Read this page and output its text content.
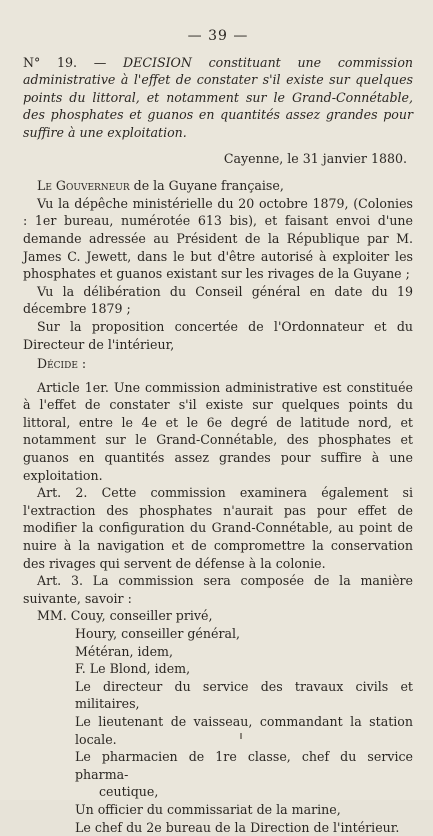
— 39 —
N° 19. — DECISION constituant une commission administrative à l'effet de constater s'il existe sur quelques points du littoral, et notamment sur le Grand-Connétable, des phosphates et guanos en quantités assez grandes pour suffire à une exploitation.
Cayenne, le 31 janvier 1880.

Le Gouverneur de la Guyane française,

Vu la dépêche ministérielle du 20 octobre 1879, (Colonies : 1er bureau, numérotée 613 bis), et faisant envoi d'une demande adressée au Président de la République par M. James C. Jewett, dans le but d'être autorisé à exploiter les phosphates et guanos existant sur les rivages de la Guyane ;

Vu la délibération du Conseil général en date du 19 décembre 1879 ;

Sur la proposition concertée de l'Ordonnateur et du Directeur de l'intérieur,

Décide :

Article 1er. Une commission administrative est constituée à l'effet de constater s'il existe sur quelques points du littoral, entre le 4e et le 6e degré de latitude nord, et notamment sur le Grand-Connétable, des phosphates et guanos en quantités assez grandes pour suffire à une exploitation.

Art. 2. Cette commission examinera également si l'extraction des phosphates n'aurait pas pour effet de modifier la configuration du Grand-Connétable, au point de nuire à la navigation et de compromettre la conservation des rivages qui servent de défense à la colonie.

Art. 3. La commission sera composée de la manière suivante, savoir :

MM. Couy, conseiller privé,

Houry, conseiller général,

Météran, idem,

F. Le Blond, idem,

Le directeur du service des travaux civils et militaires,

Le lieutenant de vaisseau, commandant la station locale.

Le pharmacien de 1re classe, chef du service pharma-
ceutique,

Un officier du commissariat de la marine,

Le chef du 2e bureau de la Direction de l'intérieur.
